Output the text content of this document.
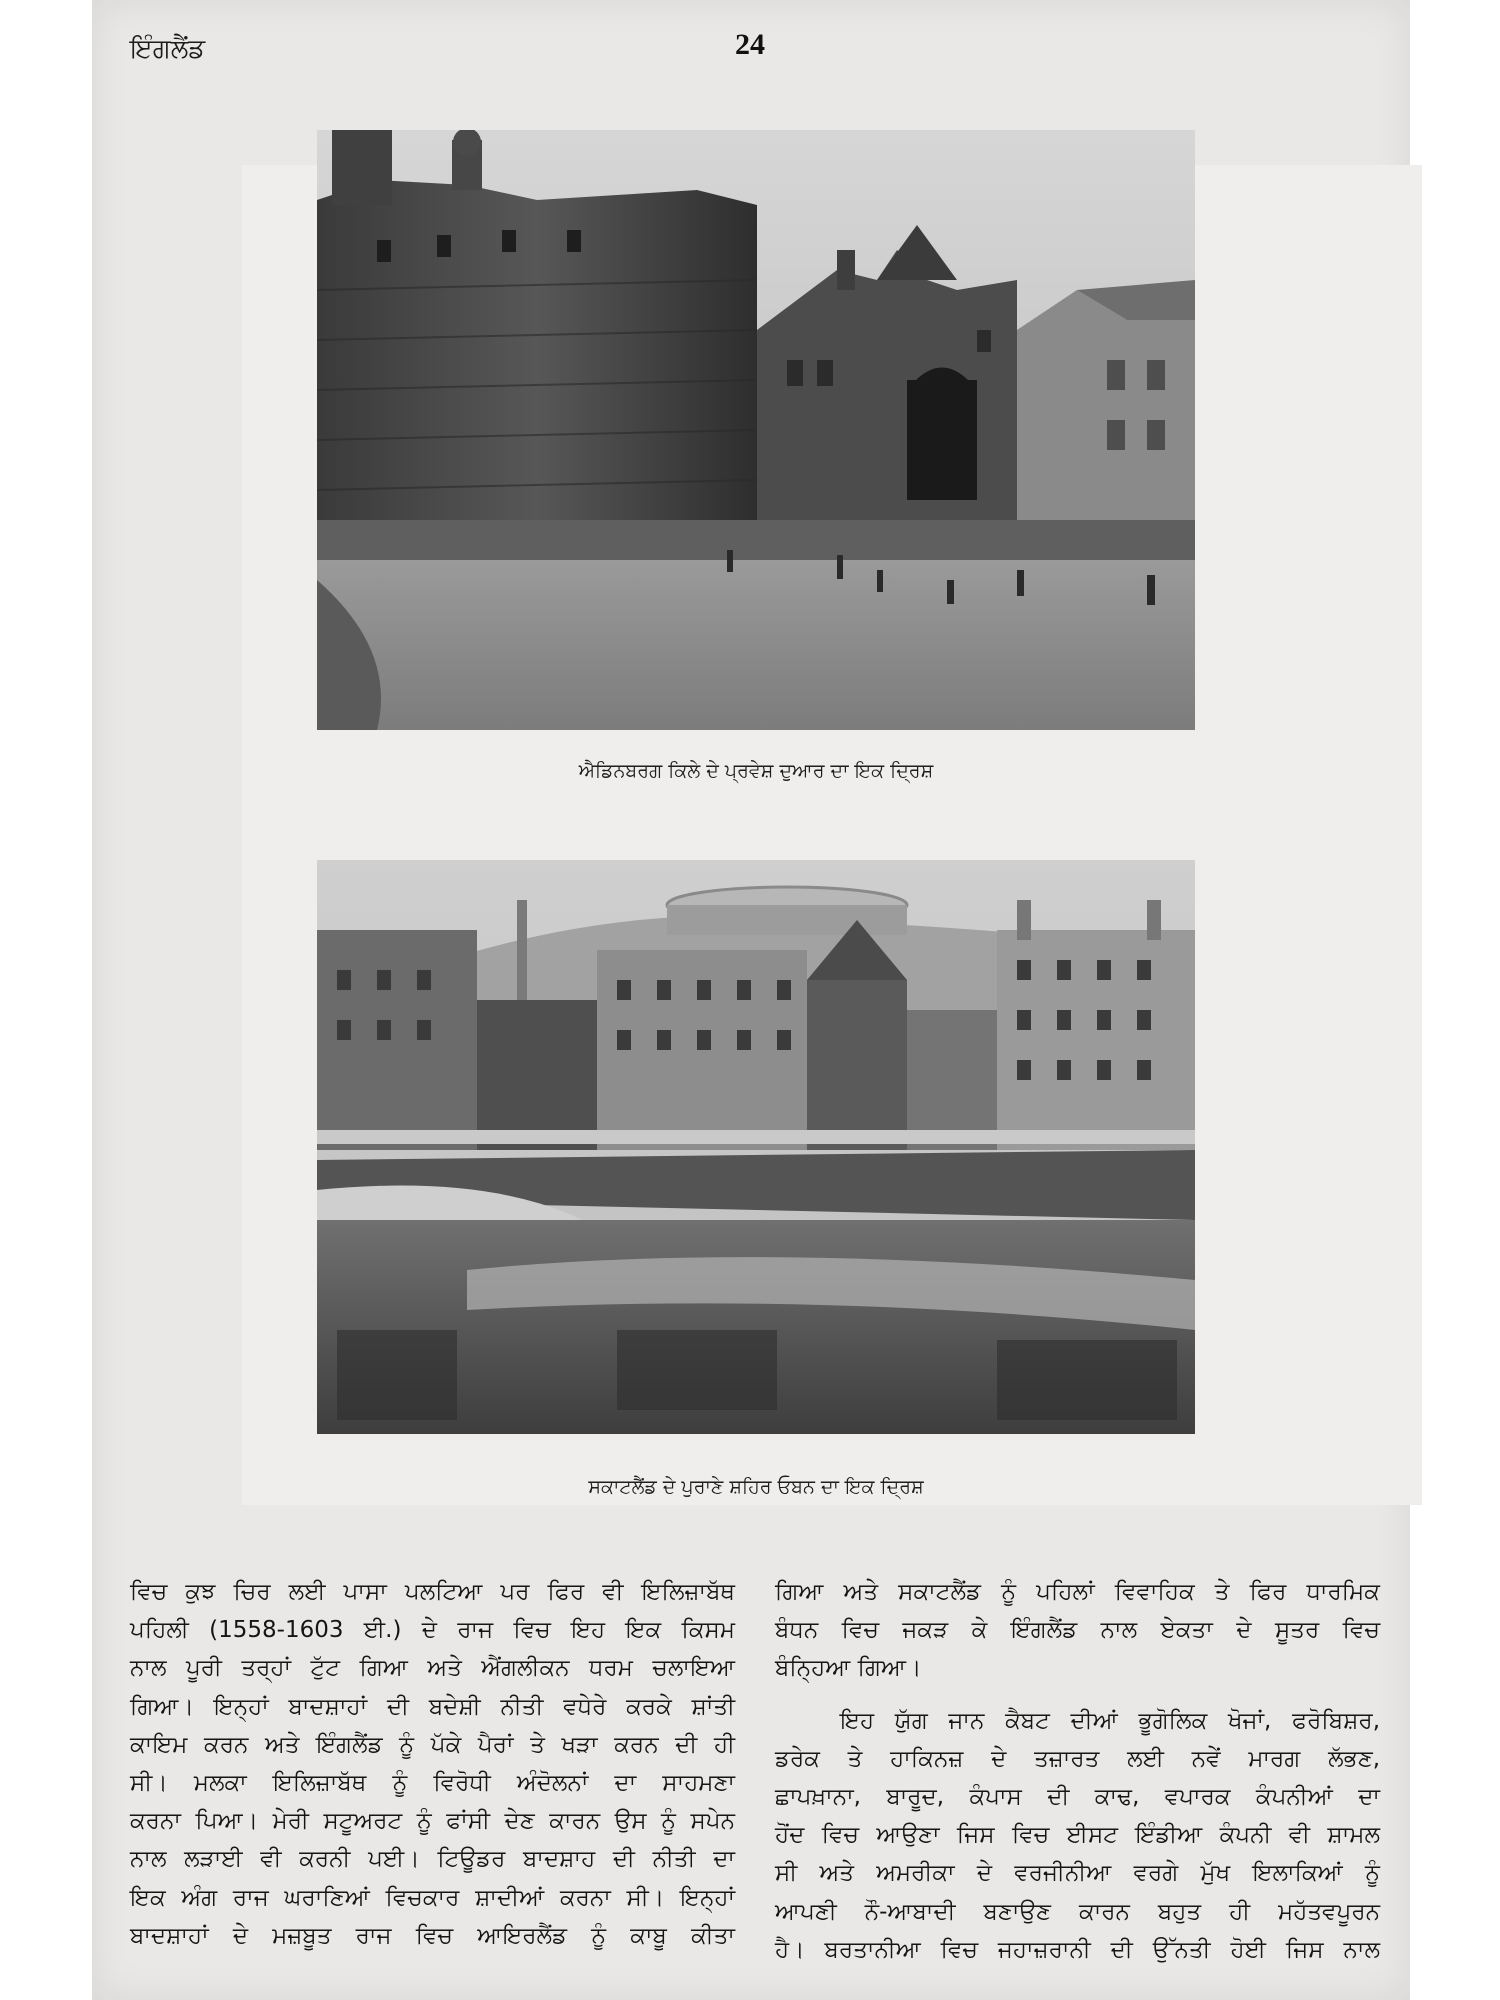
ਇੰਗਲੈਂਡ	24
ਐਡਿਨਬਰਗ ਕਿਲੇ ਦੇ ਪ੍ਰਵੇਸ਼ ਦੁਆਰ ਦਾ ਇਕ ਦ੍ਰਿਸ਼
ਸਕਾਟਲੈਂਡ ਦੇ ਪੁਰਾਣੇ ਸ਼ਹਿਰ ਓਬਨ ਦਾ ਇਕ ਦ੍ਰਿਸ਼

ਵਿਚ ਕੁਝ ਚਿਰ ਲਈ ਪਾਸਾ ਪਲਟਿਆ ਪਰ ਫਿਰ ਵੀ ਇਲਿਜ਼ਾਬੱਥ
ਪਹਿਲੀ (1558-1603 ਈ.) ਦੇ ਰਾਜ ਵਿਚ ਇਹ ਇਕ ਕਿਸਮ
ਨਾਲ ਪੂਰੀ ਤਰ੍ਹਾਂ ਟੁੱਟ ਗਿਆ ਅਤੇ ਐਂਗਲੀਕਨ ਧਰਮ ਚਲਾਇਆ
ਗਿਆ। ਇਨ੍ਹਾਂ ਬਾਦਸ਼ਾਹਾਂ ਦੀ ਬਦੇਸ਼ੀ ਨੀਤੀ ਵਧੇਰੇ ਕਰਕੇ ਸ਼ਾਂਤੀ
ਕਾਇਮ ਕਰਨ ਅਤੇ ਇੰਗਲੈਂਡ ਨੂੰ ਪੱਕੇ ਪੈਰਾਂ ਤੇ ਖੜਾ ਕਰਨ ਦੀ ਹੀ
ਸੀ। ਮਲਕਾ ਇਲਿਜ਼ਾਬੱਥ ਨੂੰ ਵਿਰੋਧੀ ਅੰਦੋਲਨਾਂ ਦਾ ਸਾਹਮਣਾ
ਕਰਨਾ ਪਿਆ। ਮੇਰੀ ਸਟੂਅਰਟ ਨੂੰ ਫਾਂਸੀ ਦੇਣ ਕਾਰਨ ਉਸ ਨੂੰ ਸਪੇਨ
ਨਾਲ ਲੜਾਈ ਵੀ ਕਰਨੀ ਪਈ। ਟਿਊਡਰ ਬਾਦਸ਼ਾਹ ਦੀ ਨੀਤੀ ਦਾ
ਇਕ ਅੰਗ ਰਾਜ ਘਰਾਣਿਆਂ ਵਿਚਕਾਰ ਸ਼ਾਦੀਆਂ ਕਰਨਾ ਸੀ। ਇਨ੍ਹਾਂ
ਬਾਦਸ਼ਾਹਾਂ ਦੇ ਮਜ਼ਬੂਤ ਰਾਜ ਵਿਚ ਆਇਰਲੈਂਡ ਨੂੰ ਕਾਬੂ ਕੀਤਾ

ਗਿਆ ਅਤੇ ਸਕਾਟਲੈਂਡ ਨੂੰ ਪਹਿਲਾਂ ਵਿਵਾਹਿਕ ਤੇ ਫਿਰ ਧਾਰਮਿਕ
ਬੰਧਨ ਵਿਚ ਜਕੜ ਕੇ ਇੰਗਲੈਂਡ ਨਾਲ ਏਕਤਾ ਦੇ ਸੂਤਰ ਵਿਚ
ਬੰਨ੍ਹਿਆ ਗਿਆ।

ਇਹ ਯੁੱਗ ਜਾਨ ਕੈਬਟ ਦੀਆਂ ਭੂਗੋਲਿਕ ਖੋਜਾਂ, ਫਰੋਬਿਸ਼ਰ,
ਡਰੇਕ ਤੇ ਹਾਕਿਨਜ਼ ਦੇ ਤਜ਼ਾਰਤ ਲਈ ਨਵੇਂ ਮਾਰਗ ਲੱਭਣ,
ਛਾਪਖ਼ਾਨਾ, ਬਾਰੂਦ, ਕੰਪਾਸ ਦੀ ਕਾਢ, ਵਪਾਰਕ ਕੰਪਨੀਆਂ ਦਾ
ਹੋਂਦ ਵਿਚ ਆਉਣਾ ਜਿਸ ਵਿਚ ਈਸਟ ਇੰਡੀਆ ਕੰਪਨੀ ਵੀ ਸ਼ਾਮਲ
ਸੀ ਅਤੇ ਅਮਰੀਕਾ ਦੇ ਵਰਜੀਨੀਆ ਵਰਗੇ ਮੁੱਖ ਇਲਾਕਿਆਂ ਨੂੰ
ਆਪਣੀ ਨੌ-ਆਬਾਦੀ ਬਣਾਉਣ ਕਾਰਨ ਬਹੁਤ ਹੀ ਮਹੱਤਵਪੂਰਨ
ਹੈ। ਬਰਤਾਨੀਆ ਵਿਚ ਜਹਾਜ਼ਰਾਨੀ ਦੀ ਉੱਨਤੀ ਹੋਈ ਜਿਸ ਨਾਲ
